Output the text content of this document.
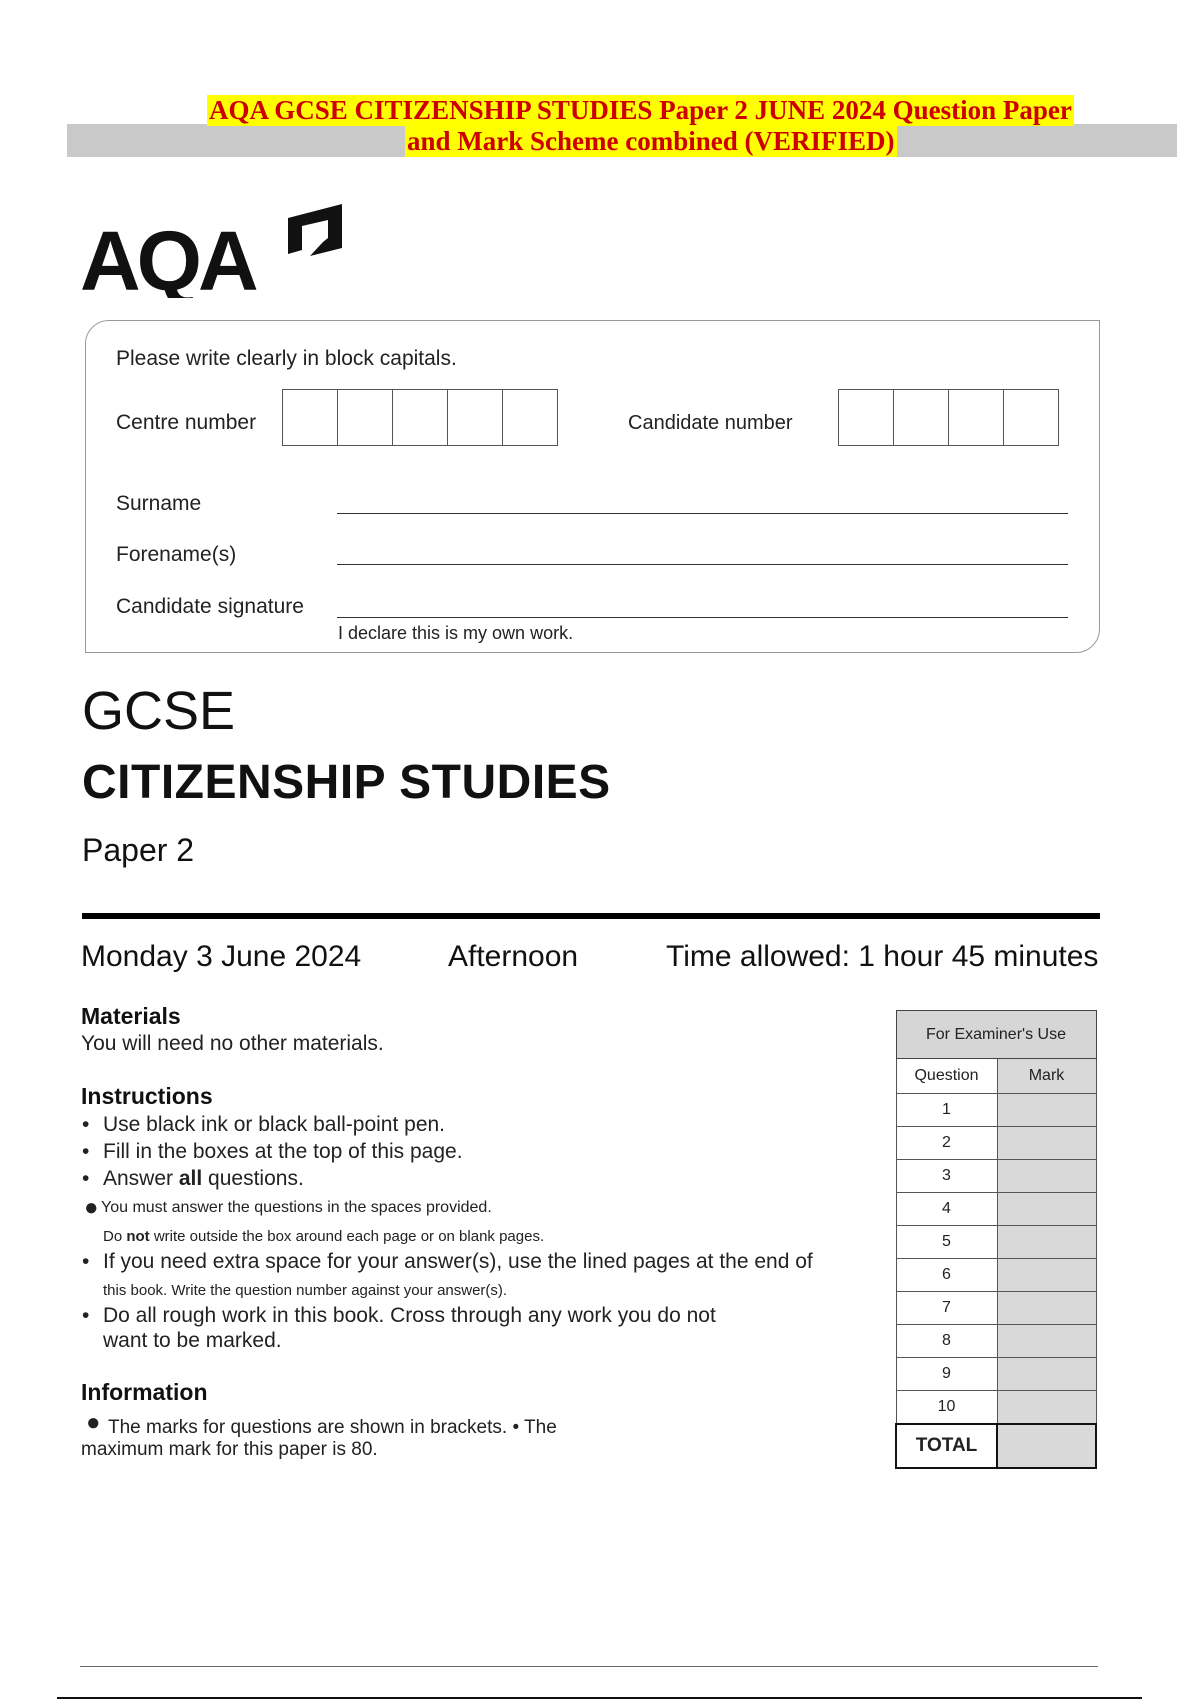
AQA GCSE CITIZENSHIP STUDIES Paper 2 JUNE 2024 Question Paper
and Mark Scheme combined (VERIFIED)
AQA
Please write clearly in block capitals.
Centre number	Candidate number
Surname
Forename(s)
Candidate signature
I declare this is my own work.
GCSE
CITIZENSHIP STUDIES
Paper 2
Monday 3 June 2024	Afternoon	Time allowed: 1 hour 45 minutes
Materials
You will need no other materials.
Instructions
• Use black ink or black ball-point pen.
• Fill in the boxes at the top of this page.
• Answer all questions.
● You must answer the questions in the spaces provided.
Do not write outside the box around each page or on blank pages.
• If you need extra space for your answer(s), use the lined pages at the end of
this book. Write the question number against your answer(s).
• Do all rough work in this book. Cross through any work you do not
want to be marked.
Information
● The marks for questions are shown in brackets. • The
maximum mark for this paper is 80.
For Examiner's Use	
Question	Mark
1	
2	
3	
4	
5	
6	
7	
8	
9	
10	
TOTAL	
